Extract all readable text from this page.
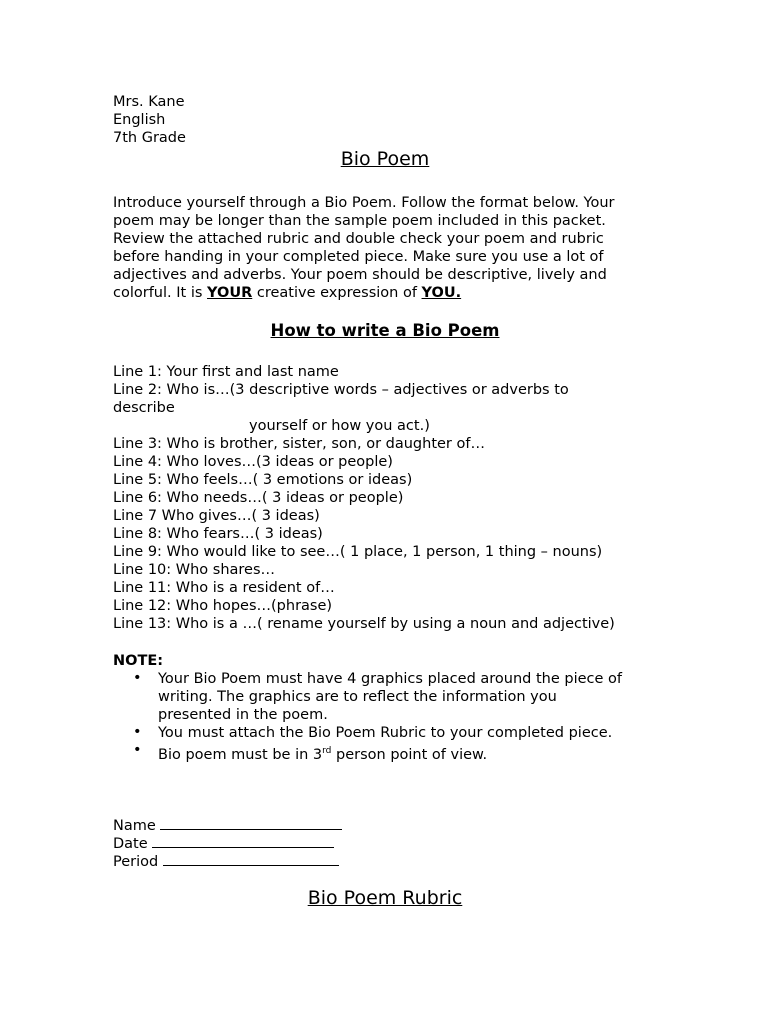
Mrs. Kane
English
7th Grade
Bio Poem
Introduce yourself through a Bio Poem. Follow the format below. Your
poem may be longer than the sample poem included in this packet.
Review the attached rubric and double check your poem and rubric
before handing in your completed piece. Make sure you use a lot of
adjectives and adverbs. Your poem should be descriptive, lively and
colorful. It is YOUR creative expression of YOU.
How to write a Bio Poem
Line 1: Your first and last name
Line 2: Who is…(3 descriptive words – adjectives or adverbs to
describe
yourself or how you act.)
Line 3: Who is brother, sister, son, or daughter of…
Line 4: Who loves…(3 ideas or people)
Line 5: Who feels…( 3 emotions or ideas)
Line 6: Who needs…( 3 ideas or people)
Line 7 Who gives…( 3 ideas)
Line 8: Who fears…( 3 ideas)
Line 9: Who would like to see…( 1 place, 1 person, 1 thing – nouns)
Line 10: Who shares…
Line 11: Who is a resident of…
Line 12: Who hopes…(phrase)
Line 13: Who is a …( rename yourself by using a noun and adjective)
NOTE:
• Your Bio Poem must have 4 graphics placed around the piece of
writing. The graphics are to reflect the information you
presented in the poem.
• You must attach the Bio Poem Rubric to your completed piece.
• Bio poem must be in 3rd person point of view.
Name
Date
Period
Bio Poem Rubric
